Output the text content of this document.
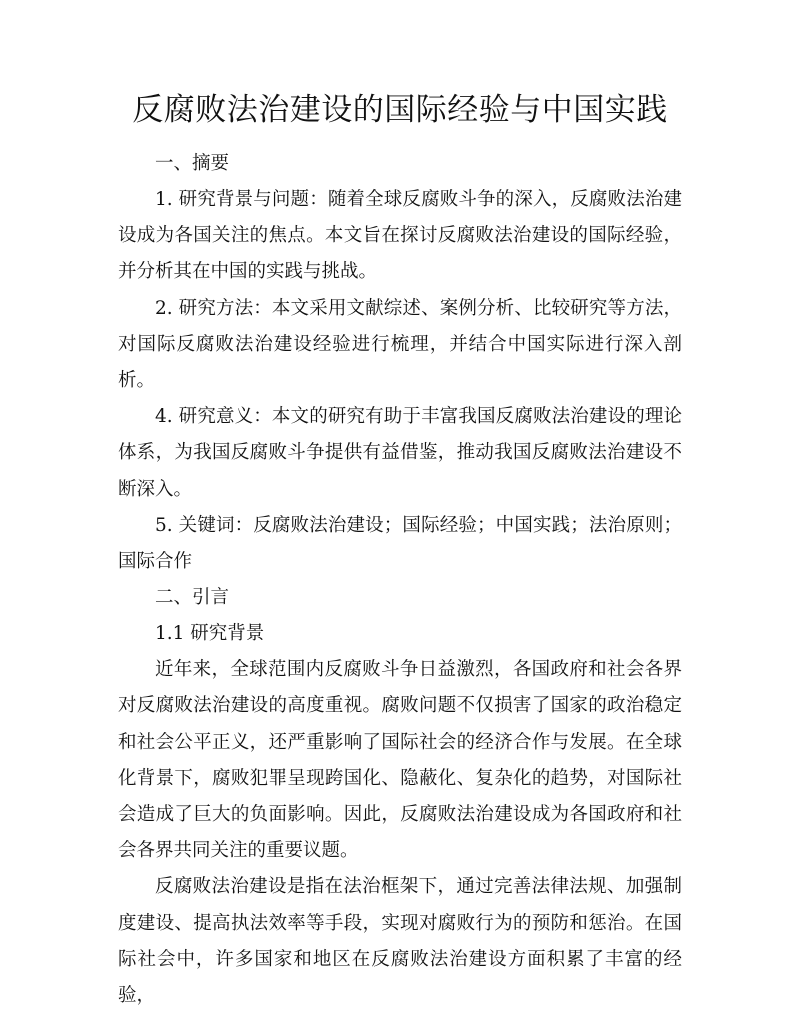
反腐败法治建设的国际经验与中国实践

一、摘要

1. 研究背景与问题：随着全球反腐败斗争的深入，反腐败法治建设成为各国关注的焦点。本文旨在探讨反腐败法治建设的国际经验，并分析其在中国的实践与挑战。

2. 研究方法：本文采用文献综述、案例分析、比较研究等方法，对国际反腐败法治建设经验进行梳理，并结合中国实际进行深入剖析。

4. 研究意义：本文的研究有助于丰富我国反腐败法治建设的理论体系，为我国反腐败斗争提供有益借鉴，推动我国反腐败法治建设不断深入。

5. 关键词：反腐败法治建设；国际经验；中国实践；法治原则；国际合作

二、引言

1.1 研究背景

近年来，全球范围内反腐败斗争日益激烈，各国政府和社会各界对反腐败法治建设的高度重视。腐败问题不仅损害了国家的政治稳定和社会公平正义，还严重影响了国际社会的经济合作与发展。在全球化背景下，腐败犯罪呈现跨国化、隐蔽化、复杂化的趋势，对国际社会造成了巨大的负面影响。因此，反腐败法治建设成为各国政府和社会各界共同关注的重要议题。

反腐败法治建设是指在法治框架下，通过完善法律法规、加强制度建设、提高执法效率等手段，实现对腐败行为的预防和惩治。在国际社会中，许多国家和地区在反腐败法治建设方面积累了丰富的经验，
